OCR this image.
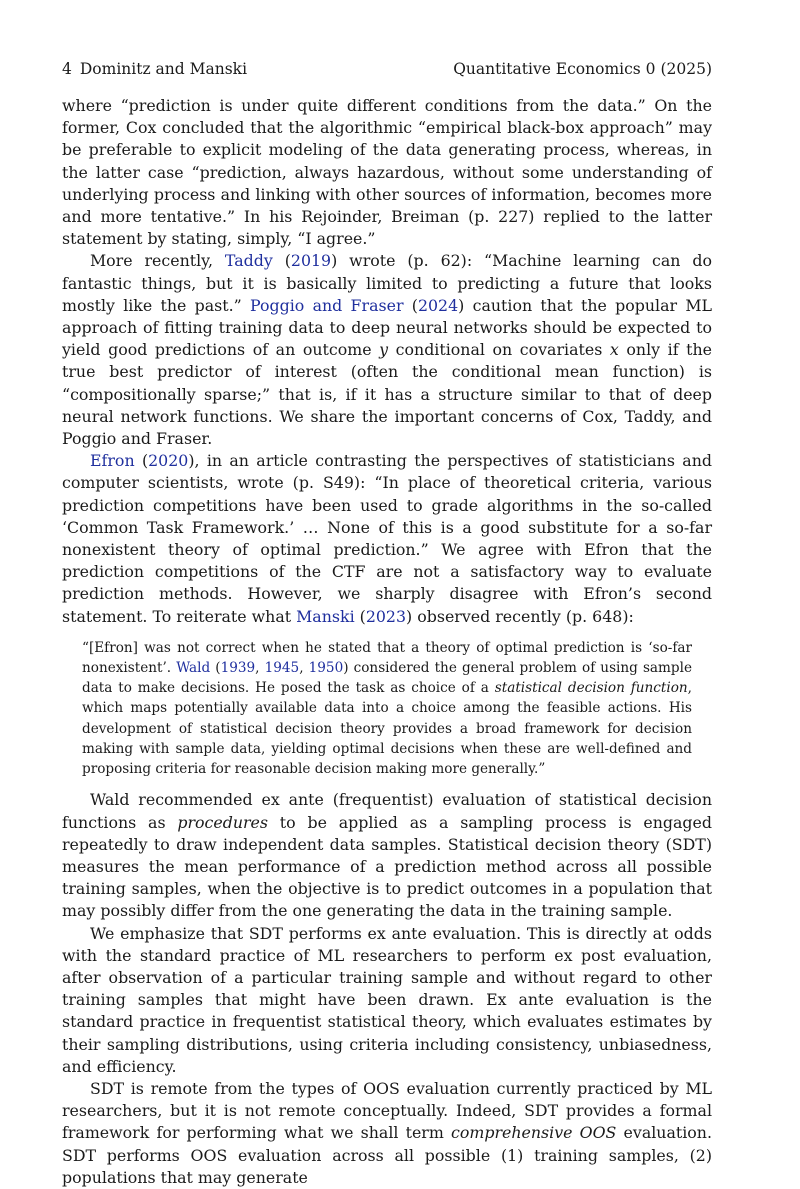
4 Dominitz and Manski	Quantitative Economics 0 (2025)

where “prediction is under quite different conditions from the data.” On the former, Cox concluded that the algorithmic “empirical black-box approach” may be preferable to explicit modeling of the data generating process, whereas, in the latter case “prediction, always hazardous, without some understanding of underlying process and linking with other sources of information, becomes more and more tentative.” In his Rejoinder, Breiman (p. 227) replied to the latter statement by stating, simply, “I agree.”

More recently, Taddy (2019) wrote (p. 62): “Machine learning can do fantastic things, but it is basically limited to predicting a future that looks mostly like the past.” Poggio and Fraser (2024) caution that the popular ML approach of fitting training data to deep neural networks should be expected to yield good predictions of an outcome y conditional on covariates x only if the true best predictor of interest (often the conditional mean function) is “compositionally sparse;” that is, if it has a structure similar to that of deep neural network functions. We share the important concerns of Cox, Taddy, and Poggio and Fraser.

Efron (2020), in an article contrasting the perspectives of statisticians and computer scientists, wrote (p. S49): “In place of theoretical criteria, various prediction competitions have been used to grade algorithms in the so-called ‘Common Task Framework.’ … None of this is a good substitute for a so-far nonexistent theory of optimal prediction.” We agree with Efron that the prediction competitions of the CTF are not a satisfactory way to evaluate prediction methods. However, we sharply disagree with Efron’s second statement. To reiterate what Manski (2023) observed recently (p. 648):

“[Efron] was not correct when he stated that a theory of optimal prediction is ‘so-far nonexistent’. Wald (1939, 1945, 1950) considered the general problem of using sample data to make decisions. He posed the task as choice of a statistical decision function, which maps potentially available data into a choice among the feasible actions. His development of statistical decision theory provides a broad framework for decision making with sample data, yielding optimal decisions when these are well-defined and proposing criteria for reasonable decision making more generally.”

Wald recommended ex ante (frequentist) evaluation of statistical decision functions as procedures to be applied as a sampling process is engaged repeatedly to draw independent data samples. Statistical decision theory (SDT) measures the mean performance of a prediction method across all possible training samples, when the objective is to predict outcomes in a population that may possibly differ from the one generating the data in the training sample.

We emphasize that SDT performs ex ante evaluation. This is directly at odds with the standard practice of ML researchers to perform ex post evaluation, after observation of a particular training sample and without regard to other training samples that might have been drawn. Ex ante evaluation is the standard practice in frequentist statistical theory, which evaluates estimates by their sampling distributions, using criteria including consistency, unbiasedness, and efficiency.

SDT is remote from the types of OOS evaluation currently practiced by ML researchers, but it is not remote conceptually. Indeed, SDT provides a formal framework for performing what we shall term comprehensive OOS evaluation. SDT performs OOS evaluation across all possible (1) training samples, (2) populations that may generate
